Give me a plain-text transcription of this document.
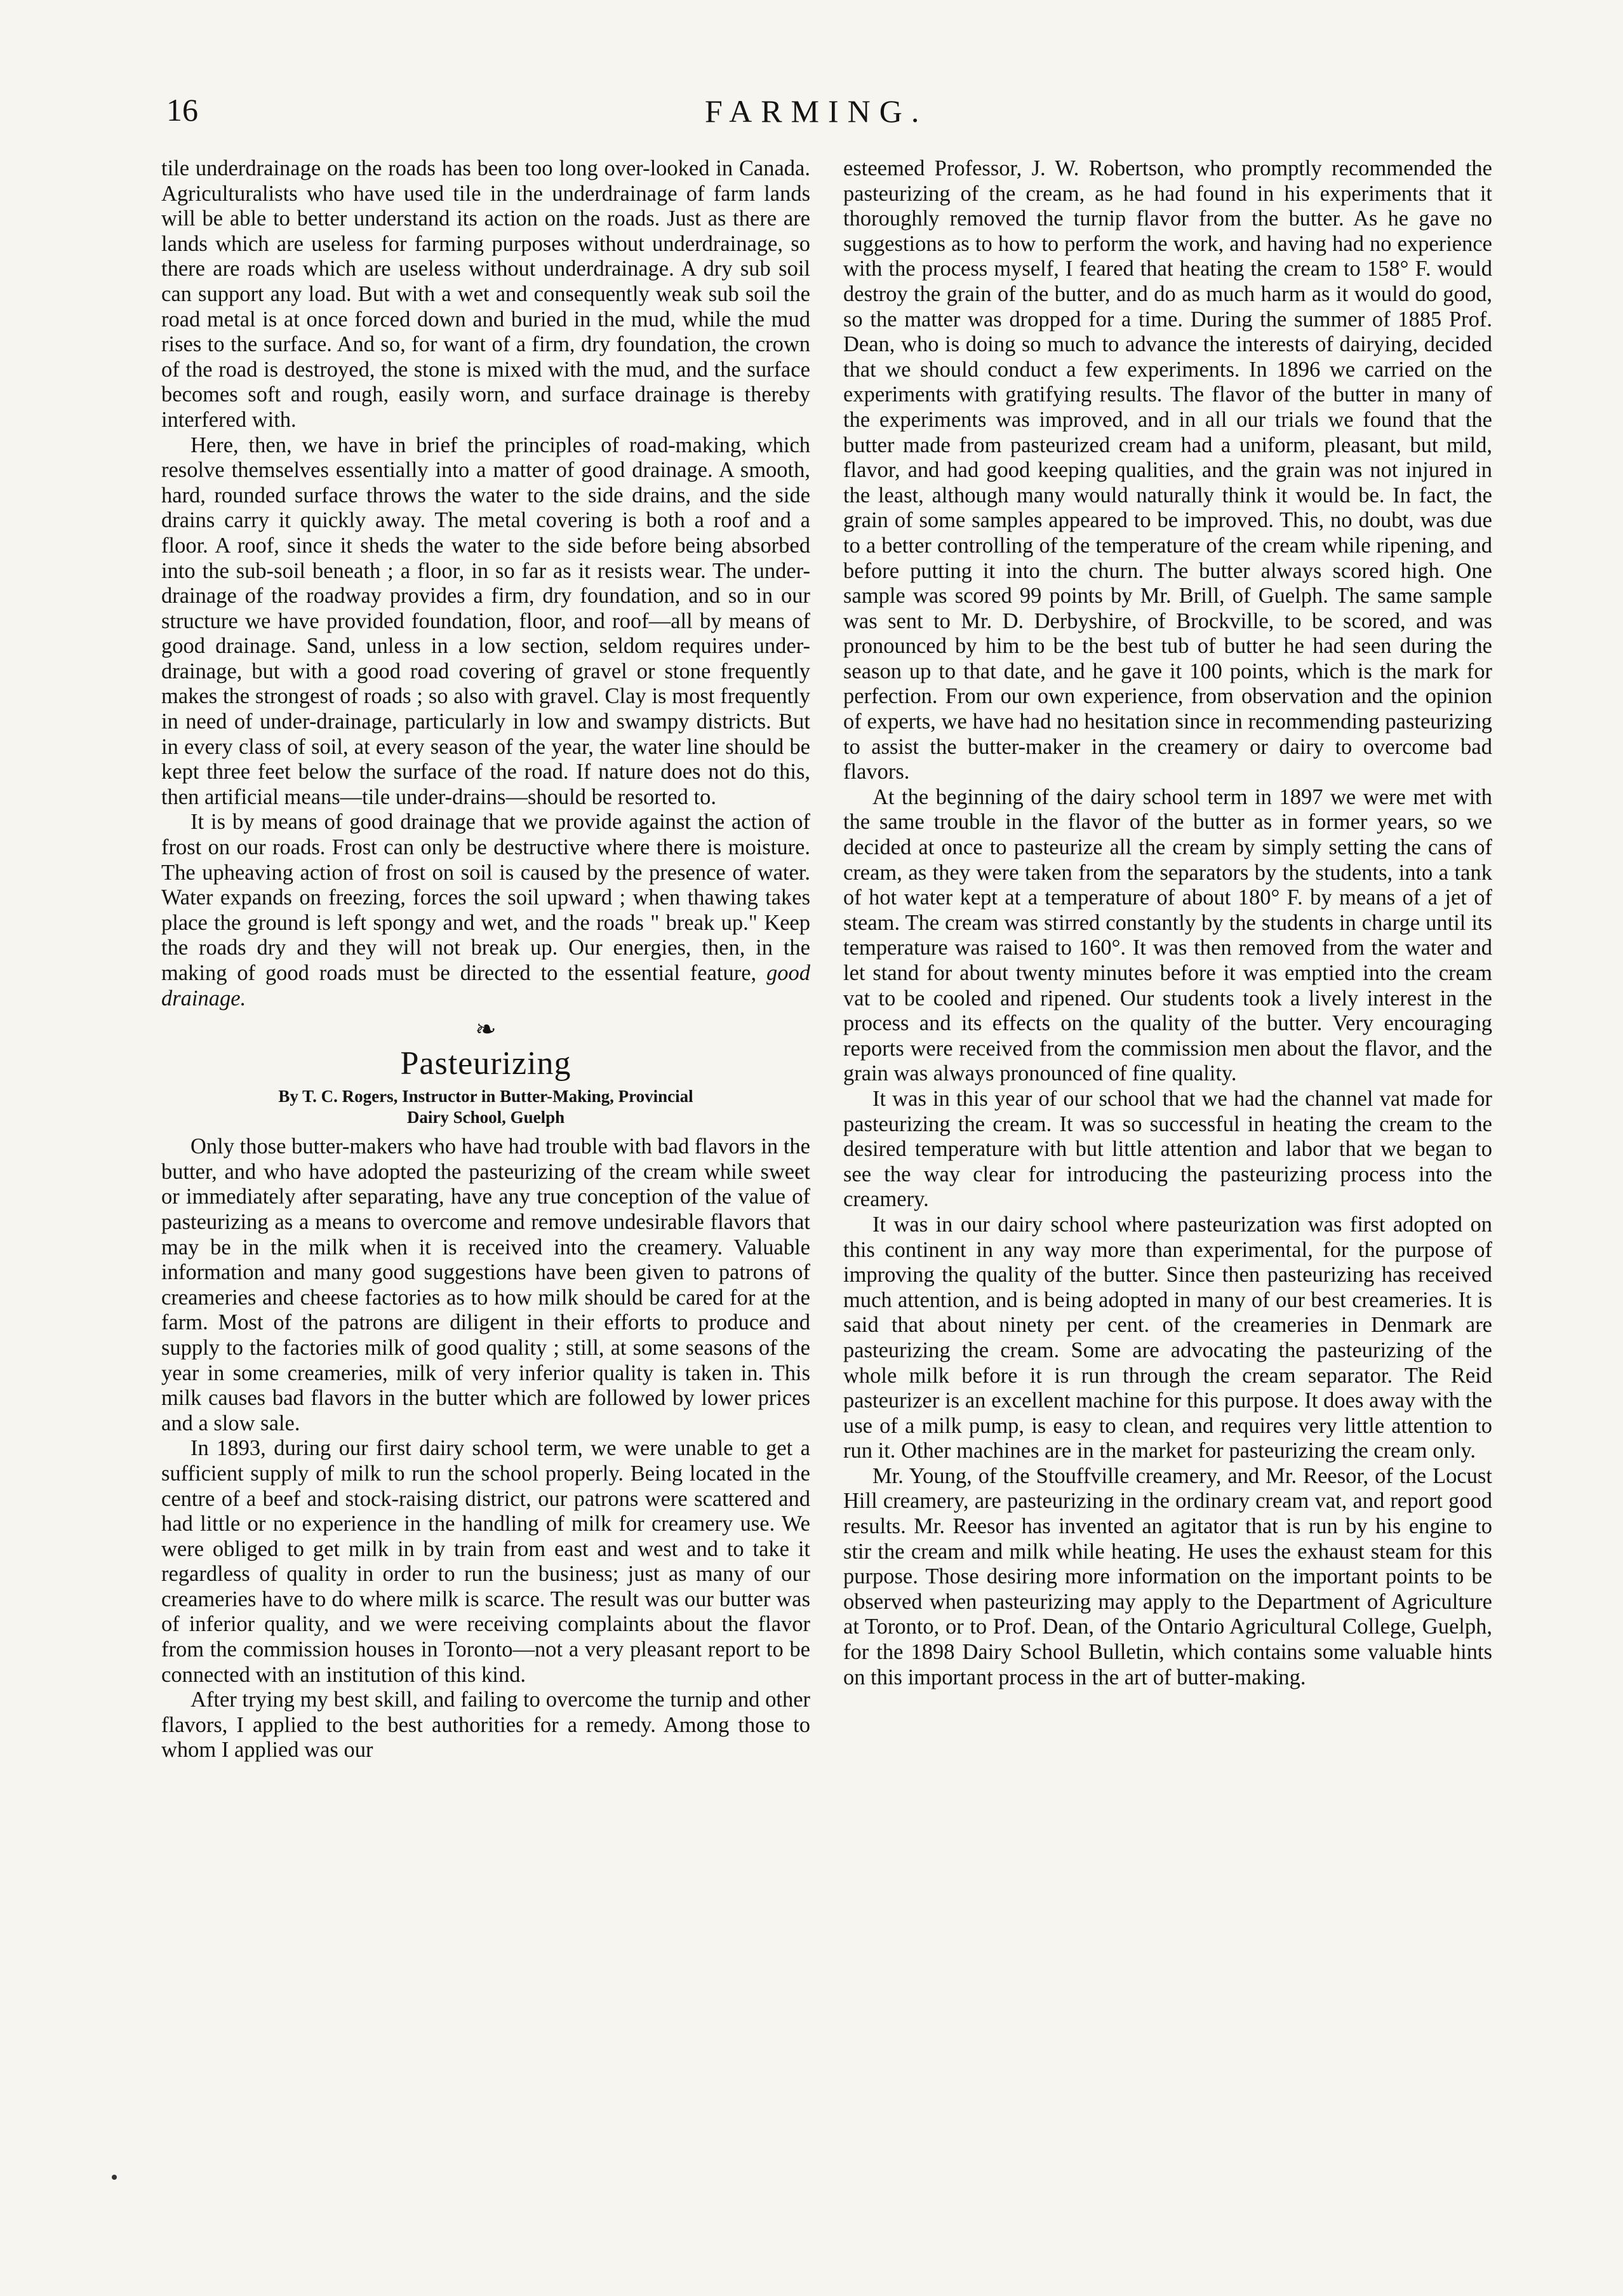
16	FARMING.

tile underdrainage on the roads has been too long over-looked in Canada. Agriculturalists who have used tile in the underdrainage of farm lands will be able to better understand its action on the roads. Just as there are lands which are useless for farming purposes without underdrainage, so there are roads which are useless without underdrainage. A dry sub soil can support any load. But with a wet and consequently weak sub soil the road metal is at once forced down and buried in the mud, while the mud rises to the surface. And so, for want of a firm, dry foundation, the crown of the road is destroyed, the stone is mixed with the mud, and the surface becomes soft and rough, easily worn, and surface drainage is thereby interfered with.

Here, then, we have in brief the principles of road-making, which resolve themselves essentially into a matter of good drainage. A smooth, hard, rounded surface throws the water to the side drains, and the side drains carry it quickly away. The metal covering is both a roof and a floor. A roof, since it sheds the water to the side before being absorbed into the sub-soil beneath ; a floor, in so far as it resists wear. The under-drainage of the roadway provides a firm, dry foundation, and so in our structure we have provided foundation, floor, and roof—all by means of good drainage. Sand, unless in a low section, seldom requires under-drainage, but with a good road covering of gravel or stone frequently makes the strongest of roads ; so also with gravel. Clay is most frequently in need of under-drainage, particularly in low and swampy districts. But in every class of soil, at every season of the year, the water line should be kept three feet below the surface of the road. If nature does not do this, then artificial means—tile under-drains—should be resorted to.

It is by means of good drainage that we provide against the action of frost on our roads. Frost can only be destructive where there is moisture. The upheaving action of frost on soil is caused by the presence of water. Water expands on freezing, forces the soil upward ; when thawing takes place the ground is left spongy and wet, and the roads " break up." Keep the roads dry and they will not break up. Our energies, then, in the making of good roads must be directed to the essential feature, good drainage.

❧
Pasteurizing
By T. C. Rogers, Instructor in Butter-Making, Provincial
Dairy School, Guelph

Only those butter-makers who have had trouble with bad flavors in the butter, and who have adopted the pasteurizing of the cream while sweet or immediately after separating, have any true conception of the value of pasteurizing as a means to overcome and remove undesirable flavors that may be in the milk when it is received into the creamery. Valuable information and many good suggestions have been given to patrons of creameries and cheese factories as to how milk should be cared for at the farm. Most of the patrons are diligent in their efforts to produce and supply to the factories milk of good quality ; still, at some seasons of the year in some creameries, milk of very inferior quality is taken in. This milk causes bad flavors in the butter which are followed by lower prices and a slow sale.

In 1893, during our first dairy school term, we were unable to get a sufficient supply of milk to run the school properly. Being located in the centre of a beef and stock-raising district, our patrons were scattered and had little or no experience in the handling of milk for creamery use. We were obliged to get milk in by train from east and west and to take it regardless of quality in order to run the business; just as many of our creameries have to do where milk is scarce. The result was our butter was of inferior quality, and we were receiving complaints about the flavor from the commission houses in Toronto—not a very pleasant report to be connected with an institution of this kind.

After trying my best skill, and failing to overcome the turnip and other flavors, I applied to the best authorities for a remedy. Among those to whom I applied was our

esteemed Professor, J. W. Robertson, who promptly recommended the pasteurizing of the cream, as he had found in his experiments that it thoroughly removed the turnip flavor from the butter. As he gave no suggestions as to how to perform the work, and having had no experience with the process myself, I feared that heating the cream to 158° F. would destroy the grain of the butter, and do as much harm as it would do good, so the matter was dropped for a time. During the summer of 1885 Prof. Dean, who is doing so much to advance the interests of dairying, decided that we should conduct a few experiments. In 1896 we carried on the experiments with gratifying results. The flavor of the butter in many of the experiments was improved, and in all our trials we found that the butter made from pasteurized cream had a uniform, pleasant, but mild, flavor, and had good keeping qualities, and the grain was not injured in the least, although many would naturally think it would be. In fact, the grain of some samples appeared to be improved. This, no doubt, was due to a better controlling of the temperature of the cream while ripening, and before putting it into the churn. The butter always scored high. One sample was scored 99 points by Mr. Brill, of Guelph. The same sample was sent to Mr. D. Derbyshire, of Brockville, to be scored, and was pronounced by him to be the best tub of butter he had seen during the season up to that date, and he gave it 100 points, which is the mark for perfection. From our own experience, from observation and the opinion of experts, we have had no hesitation since in recommending pasteurizing to assist the butter-maker in the creamery or dairy to overcome bad flavors.

At the beginning of the dairy school term in 1897 we were met with the same trouble in the flavor of the butter as in former years, so we decided at once to pasteurize all the cream by simply setting the cans of cream, as they were taken from the separators by the students, into a tank of hot water kept at a temperature of about 180° F. by means of a jet of steam. The cream was stirred constantly by the students in charge until its temperature was raised to 160°. It was then removed from the water and let stand for about twenty minutes before it was emptied into the cream vat to be cooled and ripened. Our students took a lively interest in the process and its effects on the quality of the butter. Very encouraging reports were received from the commission men about the flavor, and the grain was always pronounced of fine quality.

It was in this year of our school that we had the channel vat made for pasteurizing the cream. It was so successful in heating the cream to the desired temperature with but little attention and labor that we began to see the way clear for introducing the pasteurizing process into the creamery.

It was in our dairy school where pasteurization was first adopted on this continent in any way more than experimental, for the purpose of improving the quality of the butter. Since then pasteurizing has received much attention, and is being adopted in many of our best creameries. It is said that about ninety per cent. of the creameries in Denmark are pasteurizing the cream. Some are advocating the pasteurizing of the whole milk before it is run through the cream separator. The Reid pasteurizer is an excellent machine for this purpose. It does away with the use of a milk pump, is easy to clean, and requires very little attention to run it. Other machines are in the market for pasteurizing the cream only.

Mr. Young, of the Stouffville creamery, and Mr. Reesor, of the Locust Hill creamery, are pasteurizing in the ordinary cream vat, and report good results. Mr. Reesor has invented an agitator that is run by his engine to stir the cream and milk while heating. He uses the exhaust steam for this purpose. Those desiring more information on the important points to be observed when pasteurizing may apply to the Department of Agriculture at Toronto, or to Prof. Dean, of the Ontario Agricultural College, Guelph, for the 1898 Dairy School Bulletin, which contains some valuable hints on this important process in the art of butter-making.
